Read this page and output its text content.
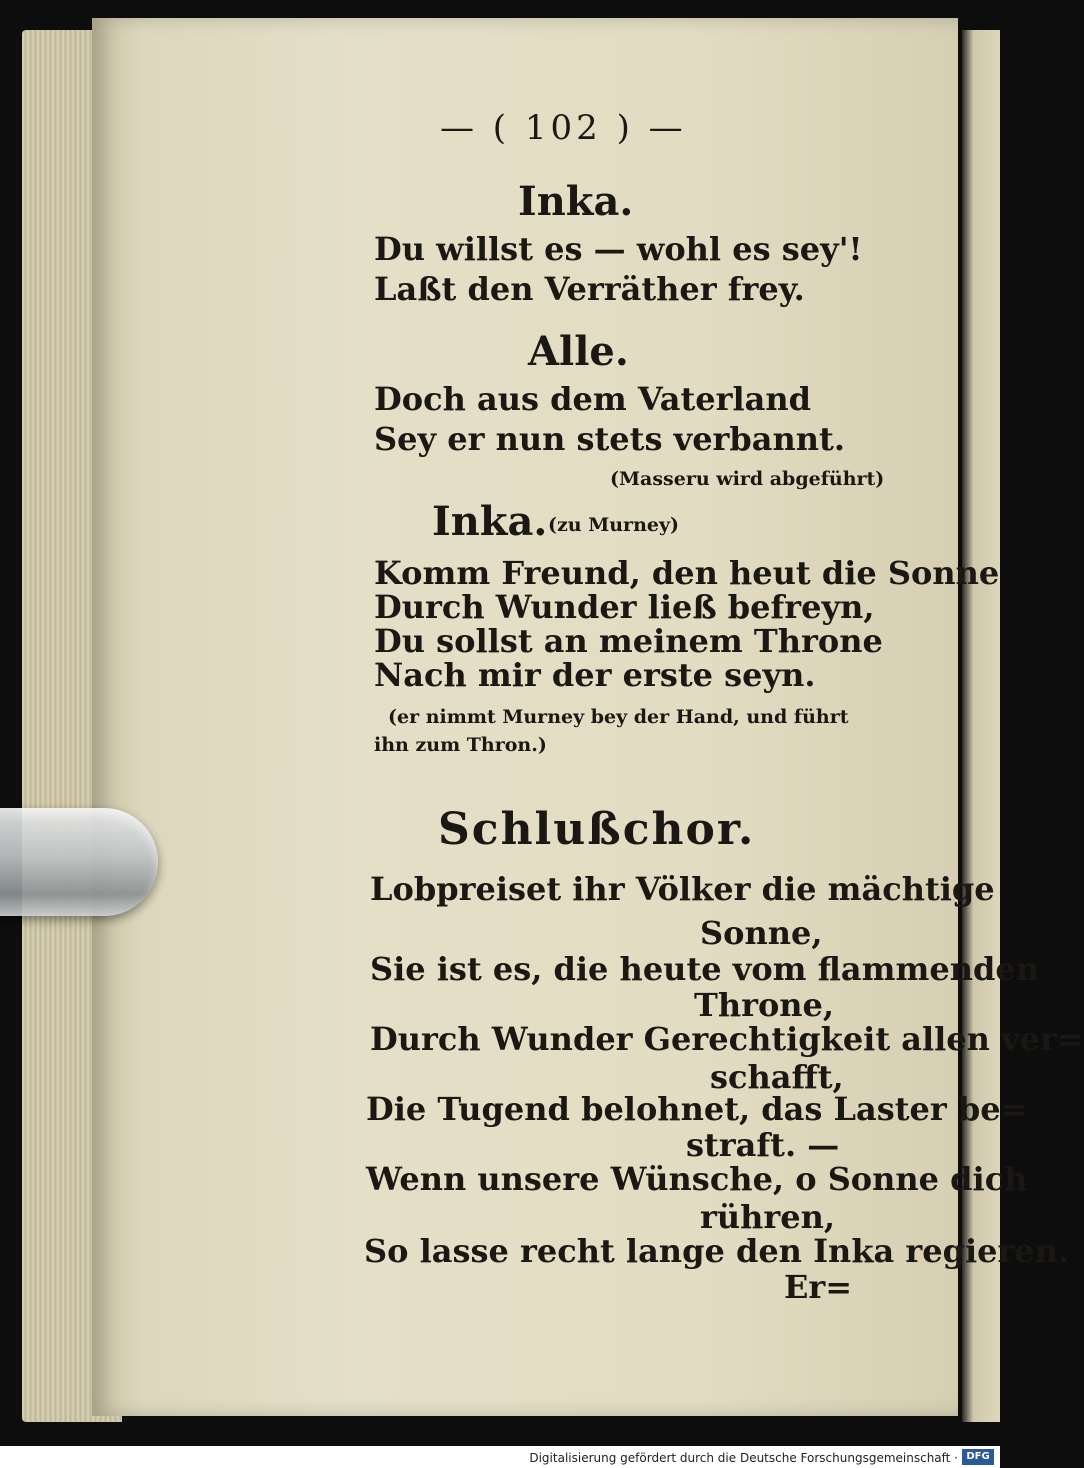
— ( 102 ) —
Inka.
Du willst es — wohl es sey'!
Laßt den Verräther frey.
Alle.
Doch aus dem Vaterland
Sey er nun stets verbannt.
(Masseru wird abgeführt)
Inka. (zu Murney)
Komm Freund, den heut die Sonne
Durch Wunder ließ befreyn,
Du sollst an meinem Throne
Nach mir der erste seyn.
(er nimmt Murney bey der Hand, und führt
ihn zum Thron.)
Schlußchor.
Lobpreiset ihr Völker die mächtige
Sonne,
Sie ist es, die heute vom flammenden
Throne,
Durch Wunder Gerechtigkeit allen ver=
schafft,
Die Tugend belohnet, das Laster be=
straft. —
Wenn unsere Wünsche, o Sonne dich
rühren,
So lasse recht lange den Inka regieren.
Er=
Digitalisierung gefördert durch die Deutsche Forschungsgemeinschaft · DFG
